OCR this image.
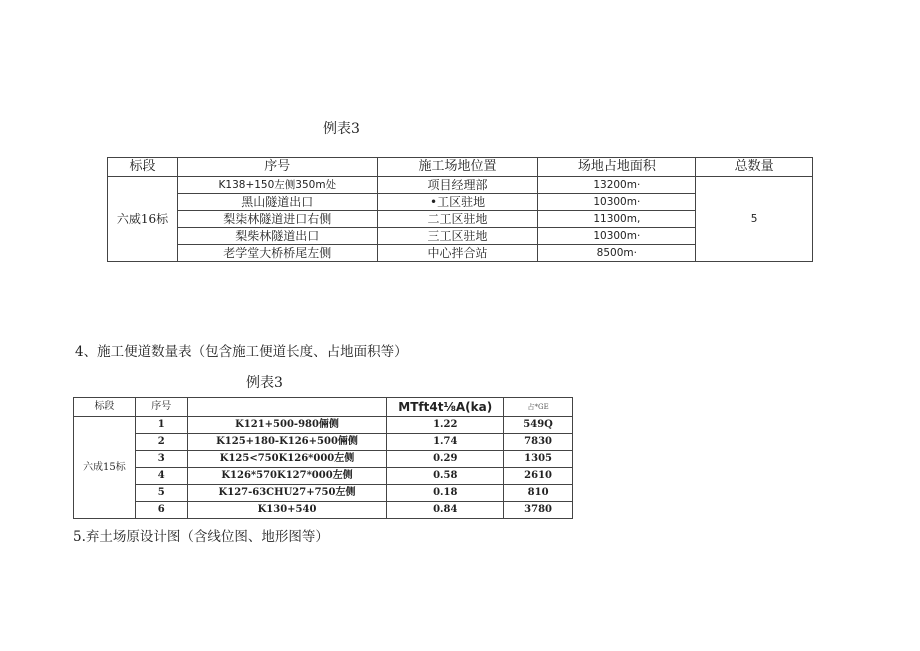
例表3
标段	序号	施工场地位置	场地占地面积	总数量
六威16标	K138+150左侧350m处	项目经理部	13200m·	5
	黑山隧道出口	•工区驻地	10300m·	
	梨柒林隧道进口右侧	二工区驻地	11300m,	
	梨柴林隧道出口	三工区驻地	10300m·	
	老学堂大桥桥尾左侧	中心拌合站	8500m·	
4、施工便道数量表（包含施工便道长度、占地面积等）
例表3
标段	序号		MTft4t⅛A(ka)	占*GE
六成15标	1	K121+500-980倆侧	1.22	549Q
	2	K125+180-K126+500倆侧	1.74	7830
	3	K125<750K126*000左侧	0.29	1305
	4	K126*570K127*000左侧	0.58	2610
	5	K127-63CHU27+750左侧	0.18	810
	6	K130+540	0.84	3780
5.弃土场原设计图（含线位图、地形图等）
